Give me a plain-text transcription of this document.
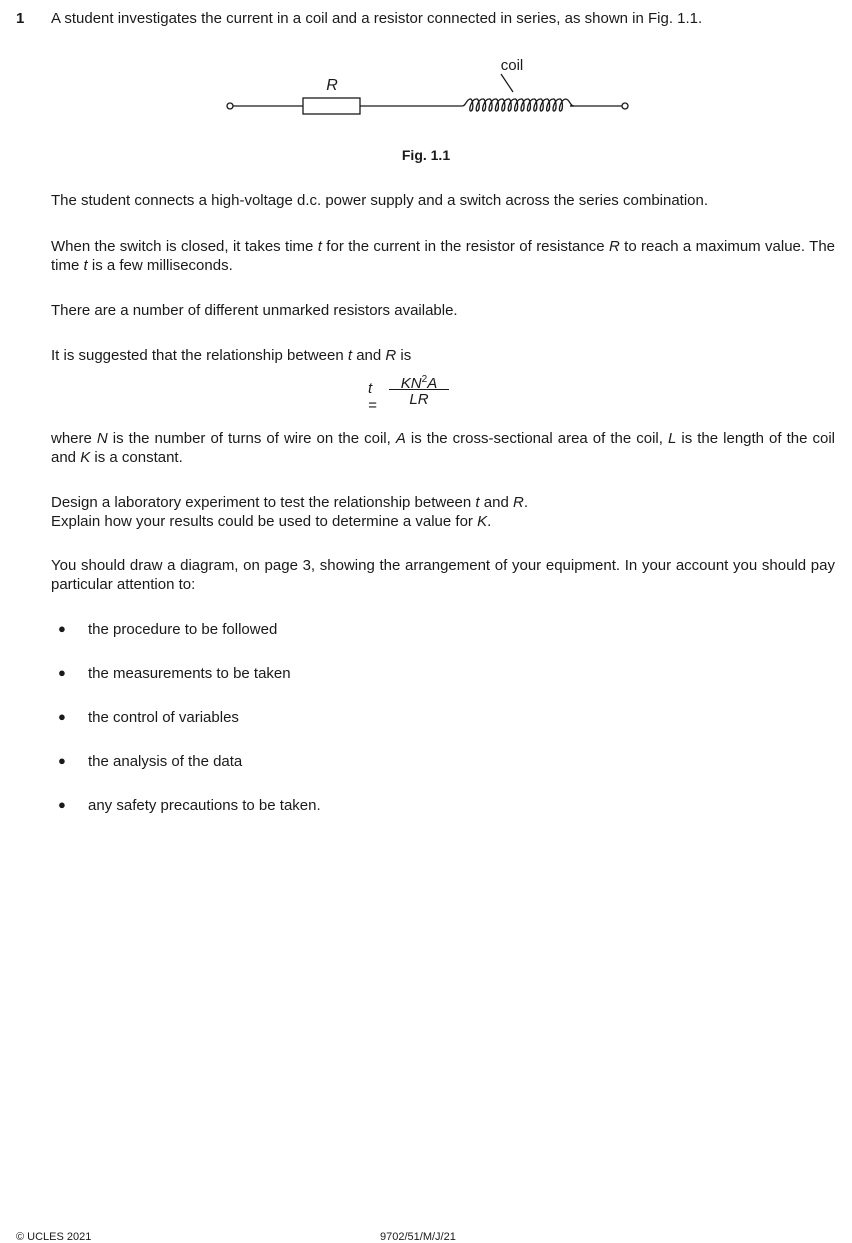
1 A student investigates the current in a coil and a resistor connected in series, as shown in Fig. 1.1.
R
coil
Fig. 1.1
The student connects a high-voltage d.c. power supply and a switch across the series combination.
When the switch is closed, it takes time t for the current in the resistor of resistance R to reach a maximum value. The time t is a few milliseconds.
There are a number of different unmarked resistors available.
It is suggested that the relationship between t and R is
t =
$KN^2A$
LR
where N is the number of turns of wire on the coil, A is the cross-sectional area of the coil, L is the length of the coil and K is a constant.
Design a laboratory experiment to test the relationship between t and R.
Explain how your results could be used to determine a value for K.
You should draw a diagram, on page 3, showing the arrangement of your equipment. In your account you should pay particular attention to:
● the procedure to be followed
● the measurements to be taken
● the control of variables
● the analysis of the data
● any safety precautions to be taken.
© UCLES 2021	9702/51/M/J/21
